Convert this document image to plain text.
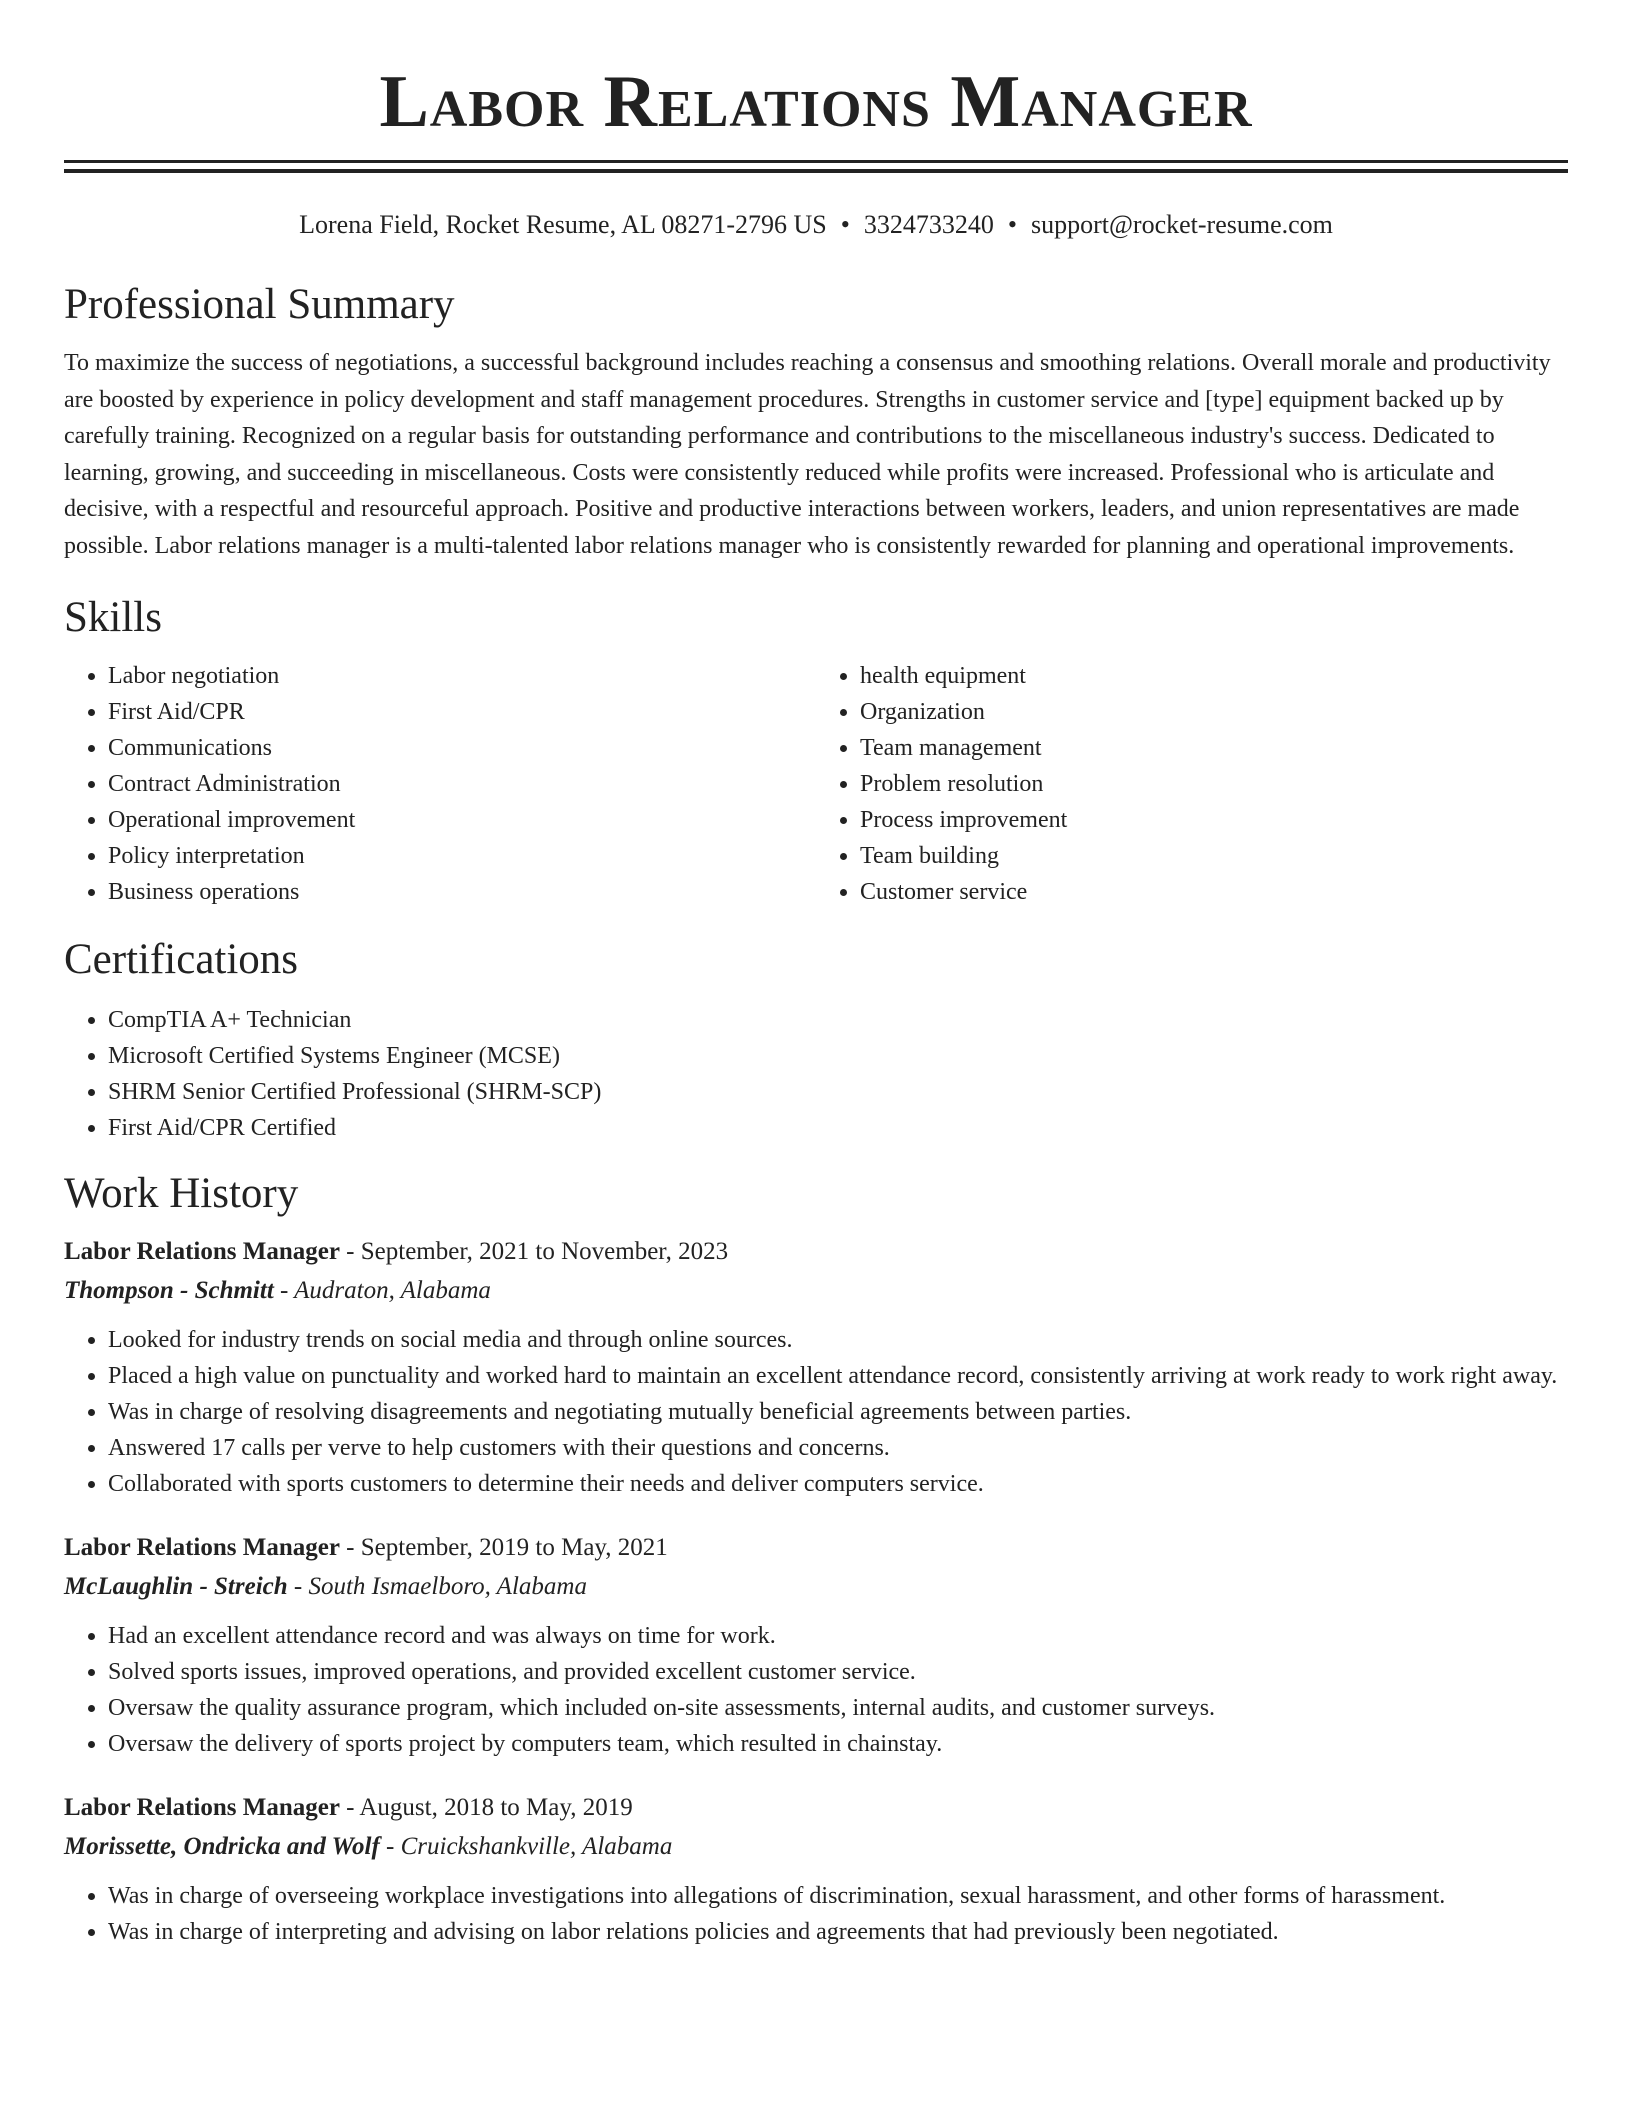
Labor Relations Manager
Lorena Field, Rocket Resume, AL 08271-2796 US • 3324733240 • support@rocket-resume.com
Professional Summary

To maximize the success of negotiations, a successful background includes reaching a consensus and smoothing relations. Overall morale and productivity are boosted by experience in policy development and staff management procedures. Strengths in customer service and [type] equipment backed up by carefully training. Recognized on a regular basis for outstanding performance and contributions to the miscellaneous industry's success. Dedicated to learning, growing, and succeeding in miscellaneous. Costs were consistently reduced while profits were increased. Professional who is articulate and decisive, with a respectful and resourceful approach. Positive and productive interactions between workers, leaders, and union representatives are made possible. Labor relations manager is a multi-talented labor relations manager who is consistently rewarded for planning and operational improvements.

Skills
• Labor negotiation
• First Aid/CPR
• Communications
• Contract Administration
• Operational improvement
• Policy interpretation
• Business operations
• health equipment
• Organization
• Team management
• Problem resolution
• Process improvement
• Team building
• Customer service
Certifications
• CompTIA A+ Technician
• Microsoft Certified Systems Engineer (MCSE)
• SHRM Senior Certified Professional (SHRM-SCP)
• First Aid/CPR Certified
Work History
Labor Relations Manager - September, 2021 to November, 2023
Thompson - Schmitt - Audraton, Alabama
• Looked for industry trends on social media and through online sources.
• Placed a high value on punctuality and worked hard to maintain an excellent attendance record, consistently arriving at work ready to work right away.
• Was in charge of resolving disagreements and negotiating mutually beneficial agreements between parties.
• Answered 17 calls per verve to help customers with their questions and concerns.
• Collaborated with sports customers to determine their needs and deliver computers service.
Labor Relations Manager - September, 2019 to May, 2021
McLaughlin - Streich - South Ismaelboro, Alabama
• Had an excellent attendance record and was always on time for work.
• Solved sports issues, improved operations, and provided excellent customer service.
• Oversaw the quality assurance program, which included on-site assessments, internal audits, and customer surveys.
• Oversaw the delivery of sports project by computers team, which resulted in chainstay.
Labor Relations Manager - August, 2018 to May, 2019
Morissette, Ondricka and Wolf - Cruickshankville, Alabama
• Was in charge of overseeing workplace investigations into allegations of discrimination, sexual harassment, and other forms of harassment.
• Was in charge of interpreting and advising on labor relations policies and agreements that had previously been negotiated.
